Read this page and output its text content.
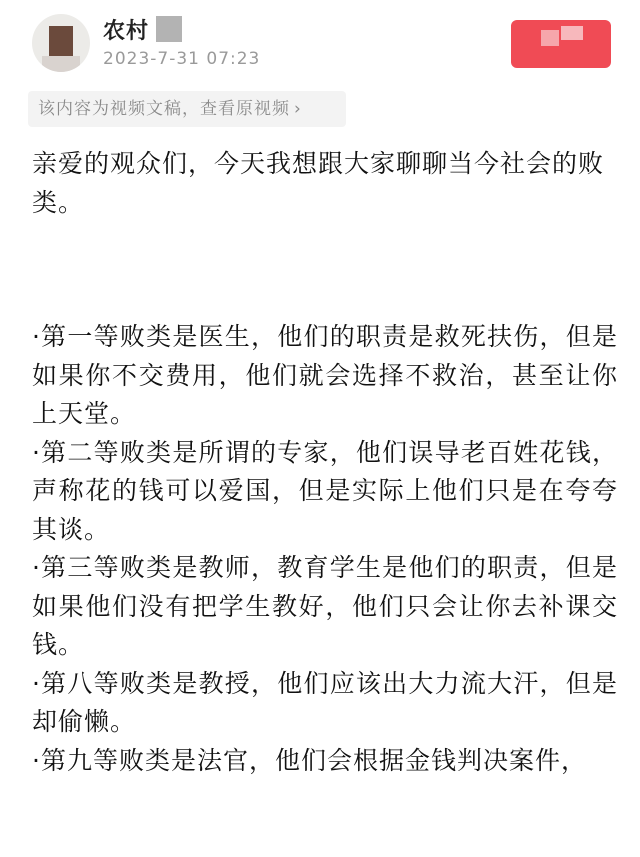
农村
2023-7-31 07:23
该内容为视频文稿，查看原视频 ›

亲爱的观众们，今天我想跟大家聊聊当今社会的败类。

·第一等败类是医生，他们的职责是救死扶伤，但是如果你不交费用，他们就会选择不救治，甚至让你上天堂。

·第二等败类是所谓的专家，他们误导老百姓花钱，声称花的钱可以爱国，但是实际上他们只是在夸夸其谈。

·第三等败类是教师，教育学生是他们的职责，但是如果他们没有把学生教好，他们只会让你去补课交钱。

·第八等败类是教授，他们应该出大力流大汗，但是却偷懒。

·第九等败类是法官，他们会根据金钱判决案件，
